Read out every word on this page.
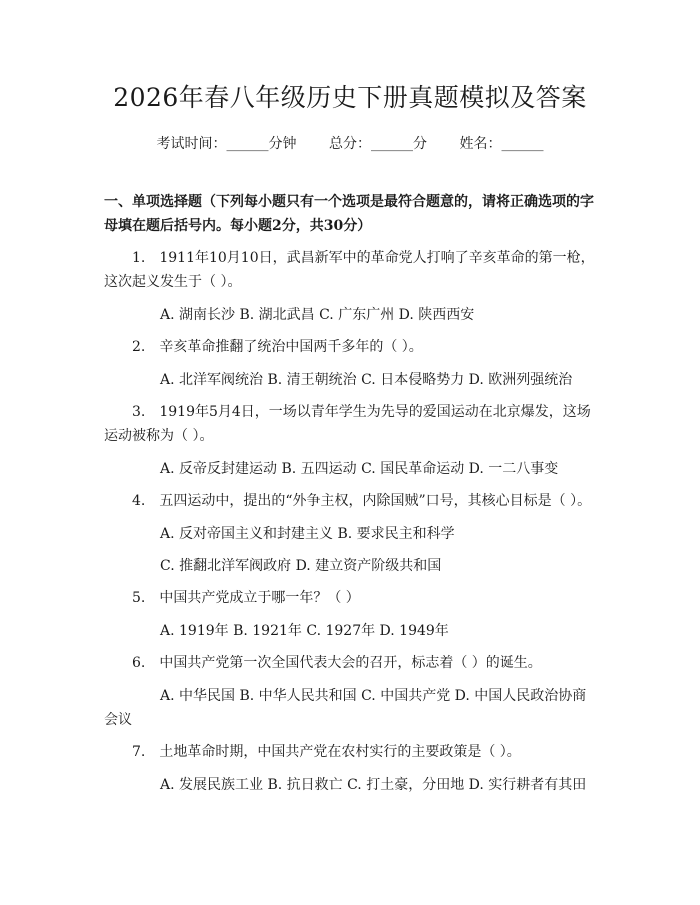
2026年春八年级历史下册真题模拟及答案
考试时间：______分钟 总分：______分 姓名：______
一、单项选择题（下列每小题只有一个选项是最符合题意的，请将正确选项的字母填在题后括号内。每小题2分，共30分）
1.　1911年10月10日，武昌新军中的革命党人打响了辛亥革命的第一枪，这次起义发生于（ ）。
A. 湖南长沙 B. 湖北武昌 C. 广东广州 D. 陕西西安
2.　辛亥革命推翻了统治中国两千多年的（ ）。
A. 北洋军阀统治 B. 清王朝统治 C. 日本侵略势力 D. 欧洲列强统治
3.　1919年5月4日，一场以青年学生为先导的爱国运动在北京爆发，这场运动被称为（ ）。
A. 反帝反封建运动 B. 五四运动 C. 国民革命运动 D. 一二八事变
4.　五四运动中，提出的“外争主权，内除国贼”口号，其核心目标是（ ）。
A. 反对帝国主义和封建主义 B. 要求民主和科学
C. 推翻北洋军阀政府 D. 建立资产阶级共和国
5.　中国共产党成立于哪一年？（ ）
A. 1919年 B. 1921年 C. 1927年 D. 1949年
6.　中国共产党第一次全国代表大会的召开，标志着（ ）的诞生。
A. 中华民国 B. 中华人民共和国 C. 中国共产党 D. 中国人民政治协商会议
7.　土地革命时期，中国共产党在农村实行的主要政策是（ ）。
A. 发展民族工业 B. 抗日救亡 C. 打土豪，分田地 D. 实行耕者有其田
